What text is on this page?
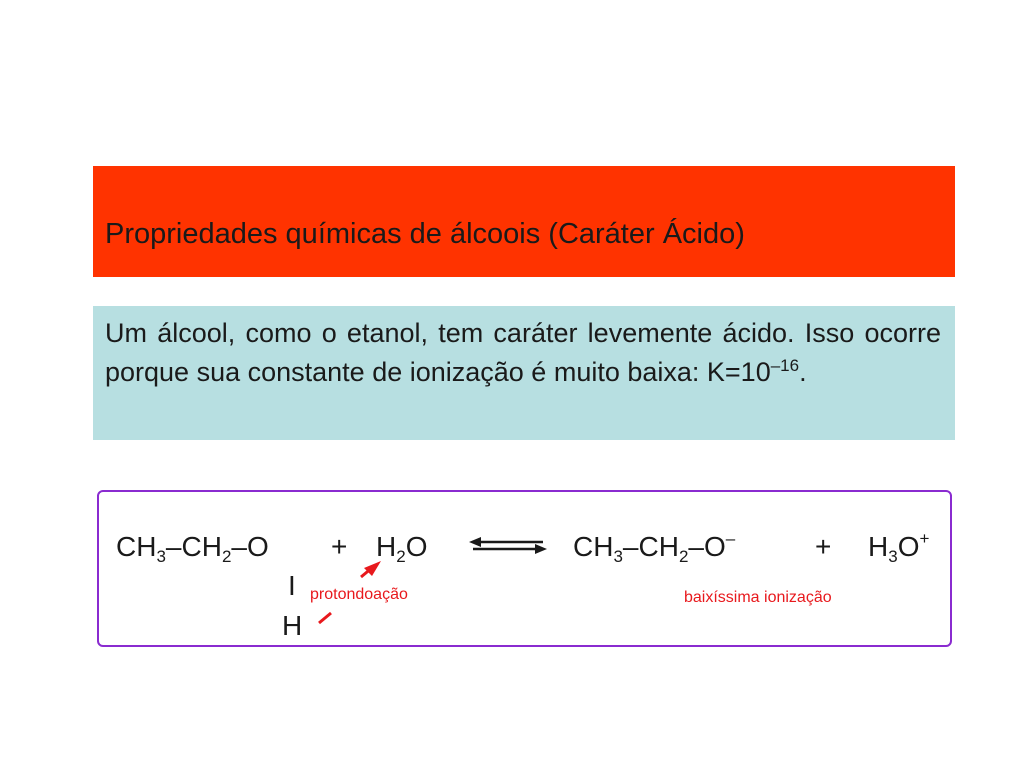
Propriedades químicas de álcoois (Caráter Ácido)
Um álcool, como o etanol, tem caráter levemente ácido. Isso ocorre porque sua constante de ionização é muito baixa: $K=10^{-16}$.
$CH_3-CH_2-O + H_2O$
I
H
protondoação
$CH_3-CH_2-O^-$	+ $H_3O^+$
baixíssima ionização
